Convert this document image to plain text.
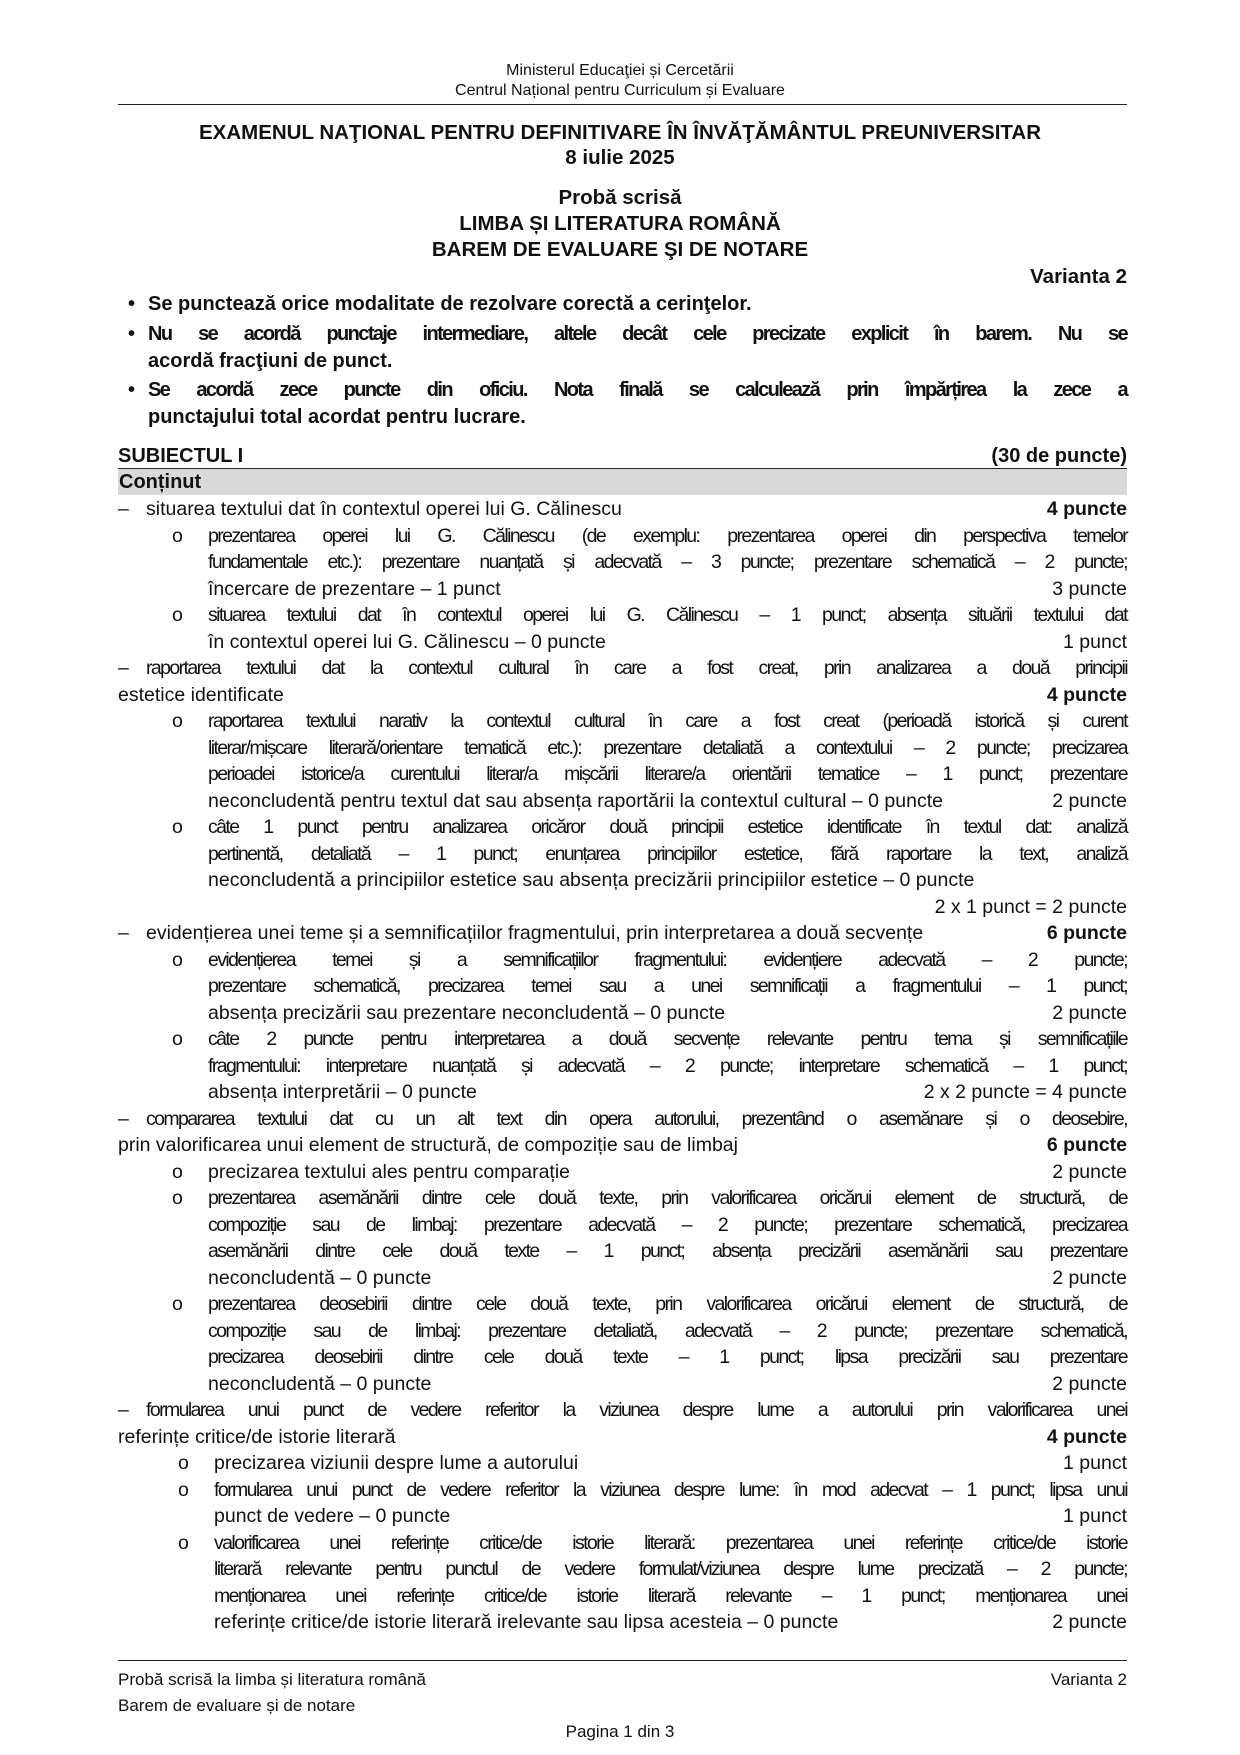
Ministerul Educaţiei și Cercetării
Centrul Național pentru Curriculum și Evaluare
EXAMENUL NAŢIONAL PENTRU DEFINITIVARE ÎN ÎNVĂŢĂMÂNTUL PREUNIVERSITAR
8 iulie 2025
Probă scrisă
LIMBA ȘI LITERATURA ROMÂNĂ
BAREM DE EVALUARE ŞI DE NOTARE
Varianta 2
• Se punctează orice modalitate de rezolvare corectă a cerinţelor.
• Nu se acordă punctaje intermediare, altele decât cele precizate explicit în barem. Nu se
acordă fracţiuni de punct.
• Se acordă zece puncte din oficiu. Nota finală se calculează prin împărțirea la zece a
punctajului total acordat pentru lucrare.
SUBIECTUL I	(30 de puncte)
Conținut
– situarea textului dat în contextul operei lui G. Călinescu	4 puncte
o prezentarea operei lui G. Călinescu (de exemplu: prezentarea operei din perspectiva temelor
fundamentale etc.): prezentare nuanțată și adecvată – 3 puncte; prezentare schematică – 2 puncte;
încercare de prezentare – 1 punct	3 puncte
o situarea textului dat în contextul operei lui G. Călinescu – 1 punct; absența situării textului dat
în contextul operei lui G. Călinescu – 0 puncte	1 punct
– raportarea textului dat la contextul cultural în care a fost creat, prin analizarea a două principii
estetice identificate	4 puncte
o raportarea textului narativ la contextul cultural în care a fost creat (perioadă istorică și curent
literar/mișcare literară/orientare tematică etc.): prezentare detaliată a contextului – 2 puncte; precizarea
perioadei istorice/a curentului literar/a mișcării literare/a orientării tematice – 1 punct; prezentare
neconcludentă pentru textul dat sau absența raportării la contextul cultural – 0 puncte	2 puncte
o câte 1 punct pentru analizarea oricăror două principii estetice identificate în textul dat: analiză
pertinentă, detaliată – 1 punct; enunțarea principiilor estetice, fără raportare la text, analiză
neconcludentă a principiilor estetice sau absența precizării principiilor estetice – 0 puncte
2 x 1 punct = 2 puncte
– evidențierea unei teme și a semnificațiilor fragmentului, prin interpretarea a două secvențe	6 puncte
o evidențierea temei și a semnificațiilor fragmentului: evidențiere adecvată – 2 puncte;
prezentare schematică, precizarea temei sau a unei semnificații a fragmentului – 1 punct;
absența precizării sau prezentare neconcludentă – 0 puncte	2 puncte
o câte 2 puncte pentru interpretarea a două secvențe relevante pentru tema și semnificațiile
fragmentului: interpretare nuanțată și adecvată – 2 puncte; interpretare schematică – 1 punct;
absența interpretării – 0 puncte	2 x 2 puncte = 4 puncte
– compararea textului dat cu un alt text din opera autorului, prezentând o asemănare și o deosebire,
prin valorificarea unui element de structură, de compoziție sau de limbaj	6 puncte
o precizarea textului ales pentru comparație	2 puncte
o prezentarea asemănării dintre cele două texte, prin valorificarea oricărui element de structură, de
compoziție sau de limbaj: prezentare adecvată – 2 puncte; prezentare schematică, precizarea
asemănării dintre cele două texte – 1 punct; absența precizării asemănării sau prezentare
neconcludentă – 0 puncte	2 puncte
o prezentarea deosebirii dintre cele două texte, prin valorificarea oricărui element de structură, de
compoziție sau de limbaj: prezentare detaliată, adecvată – 2 puncte; prezentare schematică,
precizarea deosebirii dintre cele două texte – 1 punct; lipsa precizării sau prezentare
neconcludentă – 0 puncte	2 puncte
– formularea unui punct de vedere referitor la viziunea despre lume a autorului prin valorificarea unei
referințe critice/de istorie literară	4 puncte
o precizarea viziunii despre lume a autorului	1 punct
o formularea unui punct de vedere referitor la viziunea despre lume: în mod adecvat – 1 punct; lipsa unui
punct de vedere – 0 puncte	1 punct
o valorificarea unei referințe critice/de istorie literară: prezentarea unei referințe critice/de istorie
literară relevante pentru punctul de vedere formulat/viziunea despre lume precizată – 2 puncte;
menționarea unei referințe critice/de istorie literară relevante – 1 punct; menționarea unei
referințe critice/de istorie literară irelevante sau lipsa acesteia – 0 puncte	2 puncte
Probă scrisă la limba și literatura română
Barem de evaluare și de notare
Varianta 2
Pagina 1 din 3
